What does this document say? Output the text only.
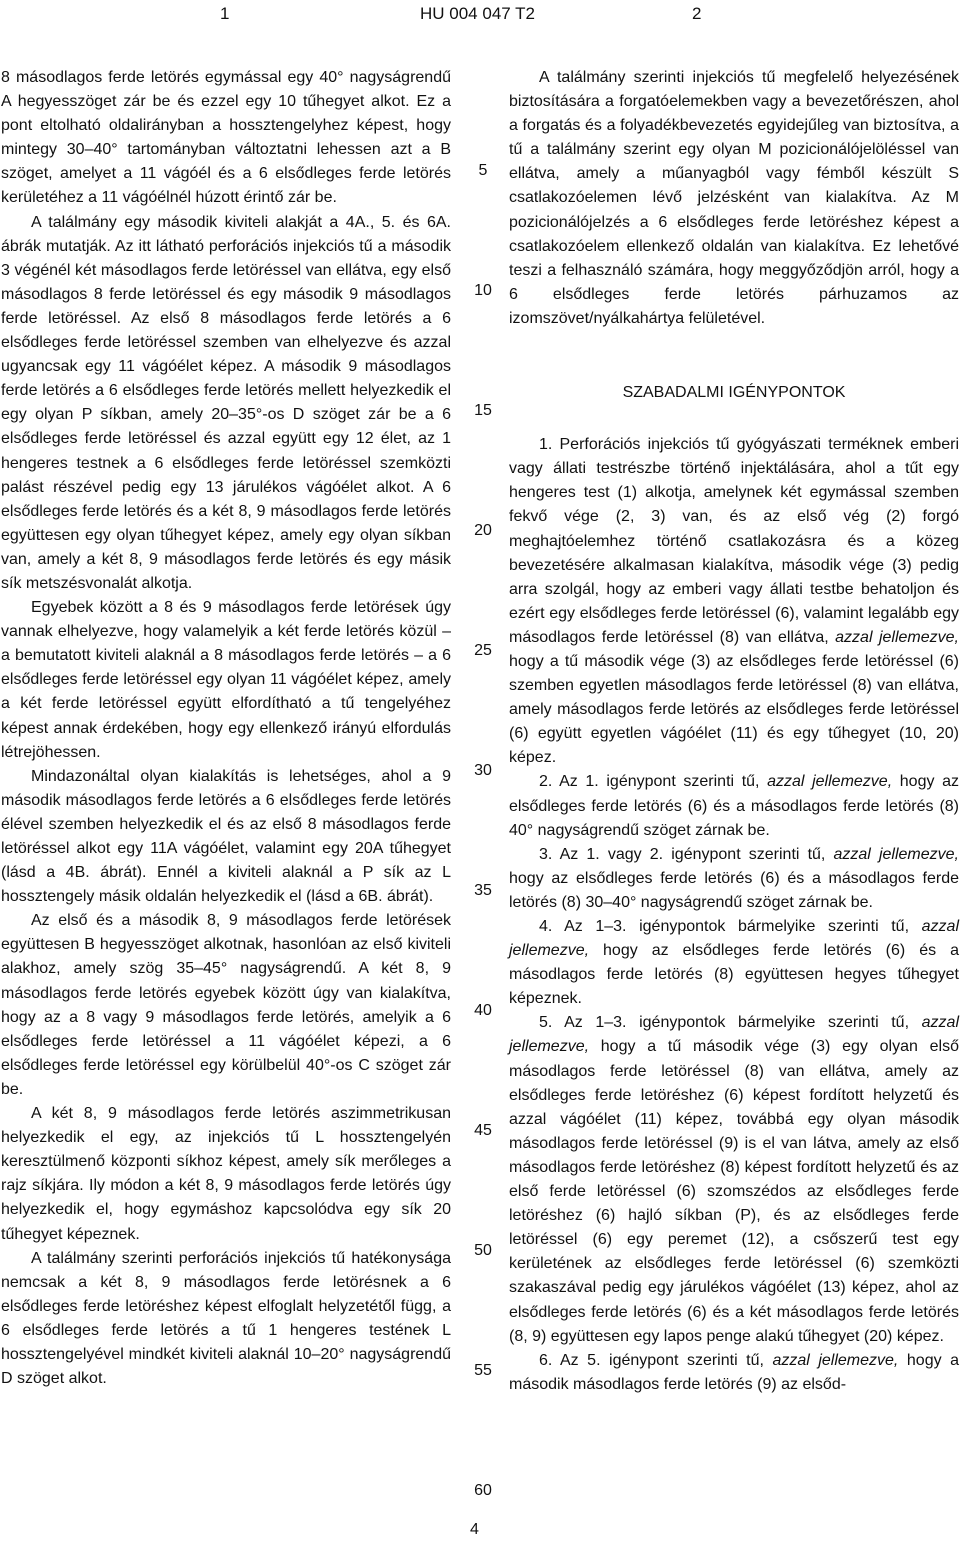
1	HU 004 047 T2	2

8 másodlagos ferde letörés egymással egy 40° nagyságrendű A hegyesszöget zár be és ezzel egy 10 tűhegyet alkot. Ez a pont eltolható oldalirányban a hossztengelyhez képest, hogy mintegy 30–40° tartományban változtatni lehessen azt a B szöget, amelyet a 11 vágóél és a 6 elsődleges ferde letörés kerületéhez a 11 vágóélnél húzott érintő zár be.

A találmány egy második kiviteli alakját a 4A., 5. és 6A. ábrák mutatják. Az itt látható perforációs injekciós tű a második 3 végénél két másodlagos ferde letöréssel van ellátva, egy első másodlagos 8 ferde letöréssel és egy második 9 másodlagos ferde letöréssel. Az első 8 másodlagos ferde letörés a 6 elsődleges ferde letöréssel szemben van elhelyezve és azzal ugyancsak egy 11 vágóélet képez. A második 9 másodlagos ferde letörés a 6 elsődleges ferde letörés mellett helyezkedik el egy olyan P síkban, amely 20–35°-os D szöget zár be a 6 elsődleges ferde letöréssel és azzal együtt egy 12 élet, az 1 hengeres testnek a 6 elsődleges ferde letöréssel szemközti palást részével pedig egy 13 járulékos vágóélet alkot. A 6 elsődleges ferde letörés és a két 8, 9 másodlagos ferde letörés együttesen egy olyan tűhegyet képez, amely egy olyan síkban van, amely a két 8, 9 másodlagos ferde letörés és egy másik sík metszésvonalát alkotja.

Egyebek között a 8 és 9 másodlagos ferde letörések úgy vannak elhelyezve, hogy valamelyik a két ferde letörés közül – a bemutatott kiviteli alaknál a 8 másodlagos ferde letörés – a 6 elsődleges ferde letöréssel egy olyan 11 vágóélet képez, amely a két ferde letöréssel együtt elfordítható a tű tengelyéhez képest annak érdekében, hogy egy ellenkező irányú elfordulás létrejöhessen.

Mindazonáltal olyan kialakítás is lehetséges, ahol a 9 második másodlagos ferde letörés a 6 elsődleges ferde letörés élével szemben helyezkedik el és az első 8 másodlagos ferde letöréssel alkot egy 11A vágóélet, valamint egy 20A tűhegyet (lásd a 4B. ábrát). Ennél a kiviteli alaknál a P sík az L hossztengely másik oldalán helyezkedik el (lásd a 6B. ábrát).

Az első és a második 8, 9 másodlagos ferde letörések együttesen B hegyesszöget alkotnak, hasonlóan az első kiviteli alakhoz, amely szög 35–45° nagyságrendű. A két 8, 9 másodlagos ferde letörés egyebek között úgy van kialakítva, hogy az a 8 vagy 9 másodlagos ferde letörés, amelyik a 6 elsődleges ferde letöréssel a 11 vágóélet képezi, a 6 elsődleges ferde letöréssel egy körülbelül 40°-os C szöget zár be.

A két 8, 9 másodlagos ferde letörés aszimmetrikusan helyezkedik el egy, az injekciós tű L hossztengelyén keresztülmenő központi síkhoz képest, amely sík merőleges a rajz síkjára. Ily módon a két 8, 9 másodlagos ferde letörés úgy helyezkedik el, hogy egymáshoz kapcsolódva egy sík 20 tűhegyet képeznek.

A találmány szerinti perforációs injekciós tű hatékonysága nemcsak a két 8, 9 másodlagos ferde letörésnek a 6 elsődleges ferde letöréshez képest elfoglalt helyzetétől függ, a 6 elsődleges ferde letörés a tű 1 hengeres testének L hossztengelyével mindkét kiviteli alaknál 10–20° nagyságrendű D szöget alkot.

A találmány szerinti injekciós tű megfelelő helyezésének biztosítására a forgatóelemekben vagy a bevezetőrészen, ahol a forgatás és a folyadékbevezetés egyidejűleg van biztosítva, a tű a találmány szerint egy olyan M pozicionálójelöléssel van ellátva, amely a műanyagból vagy fémből készült S csatlakozóelemen lévő jelzésként van kialakítva. Az M pozicionálójelzés a 6 elsődleges ferde letöréshez képest a csatlakozóelem ellenkező oldalán van kialakítva. Ez lehetővé teszi a felhasználó számára, hogy meggyőződjön arról, hogy a 6 elsődleges ferde letörés párhuzamos az izomszövet/nyálkahártya felületével.

SZABADALMI IGÉNYPONTOK

1. Perforációs injekciós tű gyógyászati terméknek emberi vagy állati testrészbe történő injektálására, ahol a tűt egy hengeres test (1) alkotja, amelynek két egymással szemben fekvő vége (2, 3) van, és az első vég (2) forgó meghajtóelemhez történő csatlakozásra és a közeg bevezetésére alkalmasan kialakítva, második vége (3) pedig arra szolgál, hogy az emberi vagy állati testbe behatoljon és ezért egy elsődleges ferde letöréssel (6), valamint legalább egy másodlagos ferde letöréssel (8) van ellátva, azzal jellemezve, hogy a tű második vége (3) az elsődleges ferde letöréssel (6) szemben egyetlen másodlagos ferde letöréssel (8) van ellátva, amely másodlagos ferde letörés az elsődleges ferde letöréssel (6) együtt egyetlen vágóélet (11) és egy tűhegyet (10, 20) képez.

2. Az 1. igénypont szerinti tű, azzal jellemezve, hogy az elsődleges ferde letörés (6) és a másodlagos ferde letörés (8) 40° nagyságrendű szöget zárnak be.

3. Az 1. vagy 2. igénypont szerinti tű, azzal jellemezve, hogy az elsődleges ferde letörés (6) és a másodlagos ferde letörés (8) 30–40° nagyságrendű szöget zárnak be.

4. Az 1–3. igénypontok bármelyike szerinti tű, azzal jellemezve, hogy az elsődleges ferde letörés (6) és a másodlagos ferde letörés (8) együttesen hegyes tűhegyet képeznek.

5. Az 1–3. igénypontok bármelyike szerinti tű, azzal jellemezve, hogy a tű második vége (3) egy olyan első másodlagos ferde letöréssel (8) van ellátva, amely az elsődleges ferde letöréshez (6) képest fordított helyzetű és azzal vágóélet (11) képez, továbbá egy olyan második másodlagos ferde letöréssel (9) is el van látva, amely az első másodlagos ferde letöréshez (8) képest fordított helyzetű és az első ferde letöréssel (6) szomszédos az elsődleges ferde letöréshez (6) hajló síkban (P), és az elsődleges ferde letöréssel (6) egy peremet (12), a csőszerű test egy kerületének az elsődleges ferde letöréssel (6) szemközti szakaszával pedig egy járulékos vágóélet (13) képez, ahol az elsődleges ferde letörés (6) és a két másodlagos ferde letörés (8, 9) együttesen egy lapos penge alakú tűhegyet (20) képez.

6. Az 5. igénypont szerinti tű, azzal jellemezve, hogy a második másodlagos ferde letörés (9) az elsőd-

5
10
15
20
25
30
35
40
45
50
55
60
4
